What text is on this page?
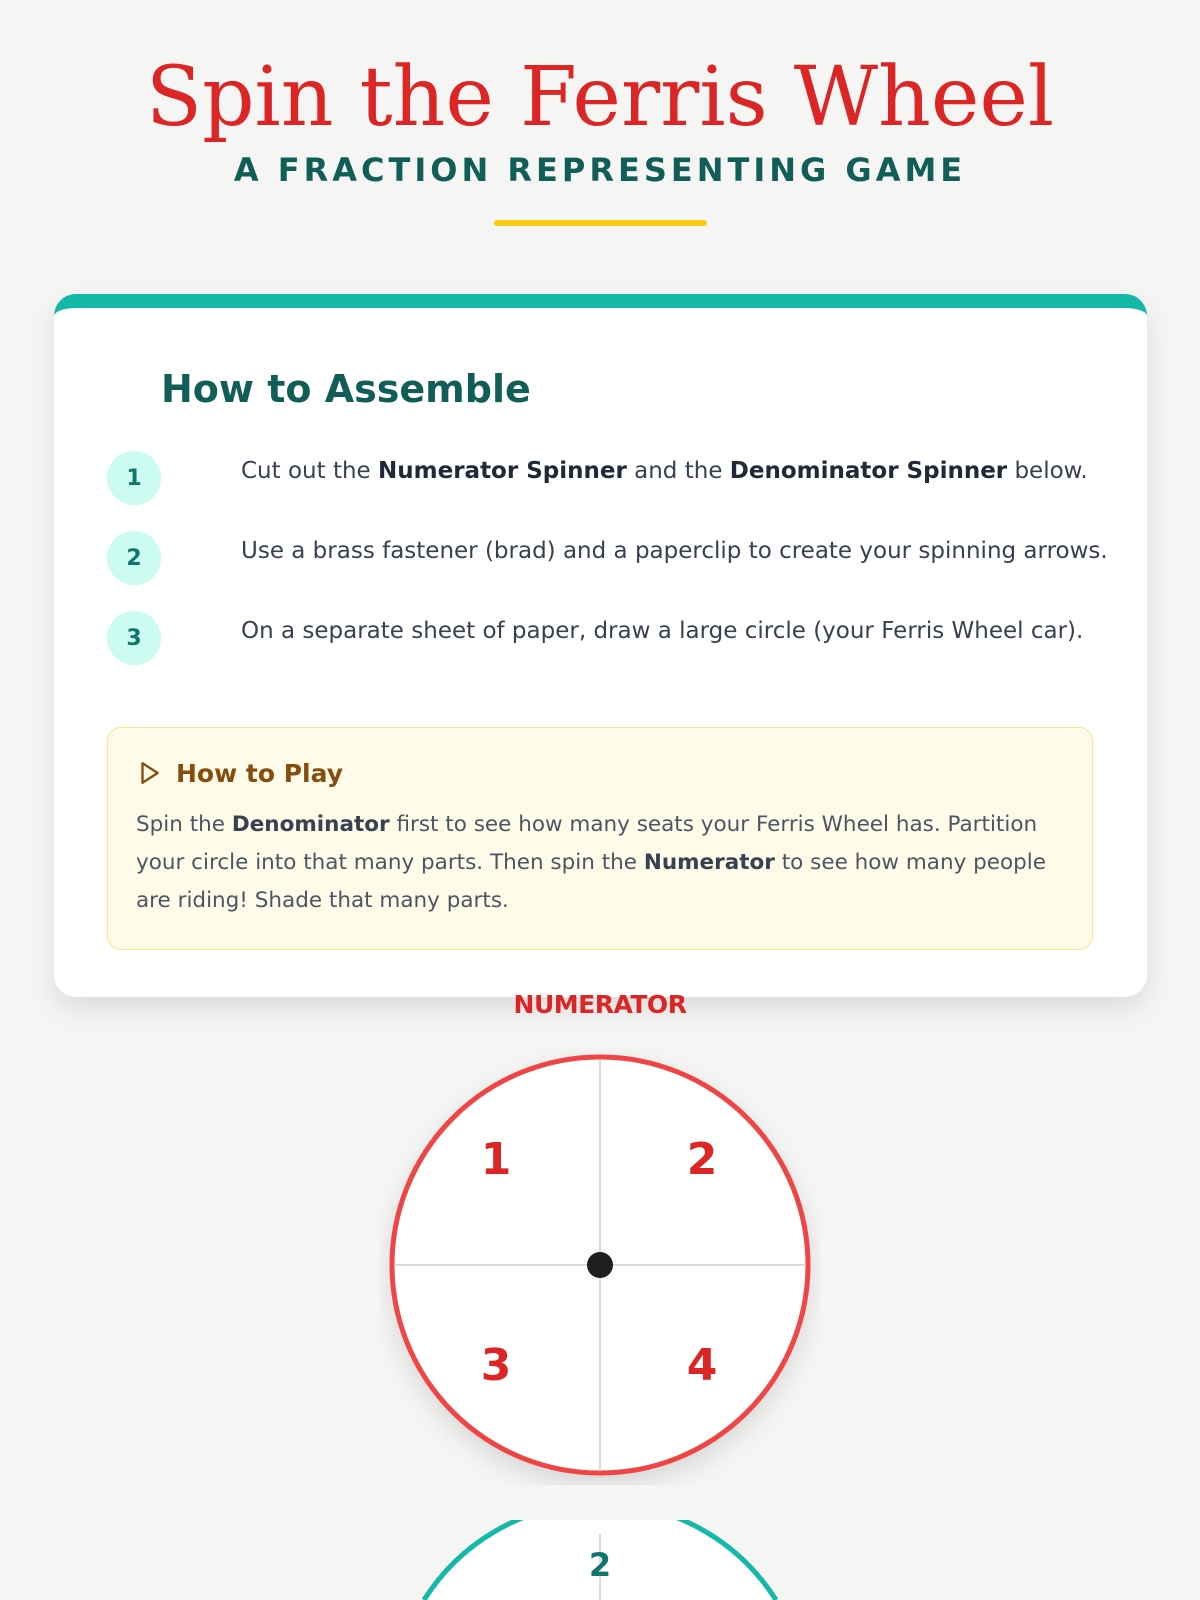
Spin the Ferris Wheel
A FRACTION REPRESENTING GAME
How to Assemble
1	Cut out the Numerator Spinner and the Denominator Spinner below.
2	Use a brass fastener (brad) and a paperclip to create your spinning arrows.
3	On a separate sheet of paper, draw a large circle (your Ferris Wheel car).
How to Play

Spin the Denominator first to see how many seats your Ferris Wheel has. Partition your circle into that many parts. Then spin the Numerator to see how many people are riding! Shade that many parts.

NUMERATOR
1	2
3	4
2
